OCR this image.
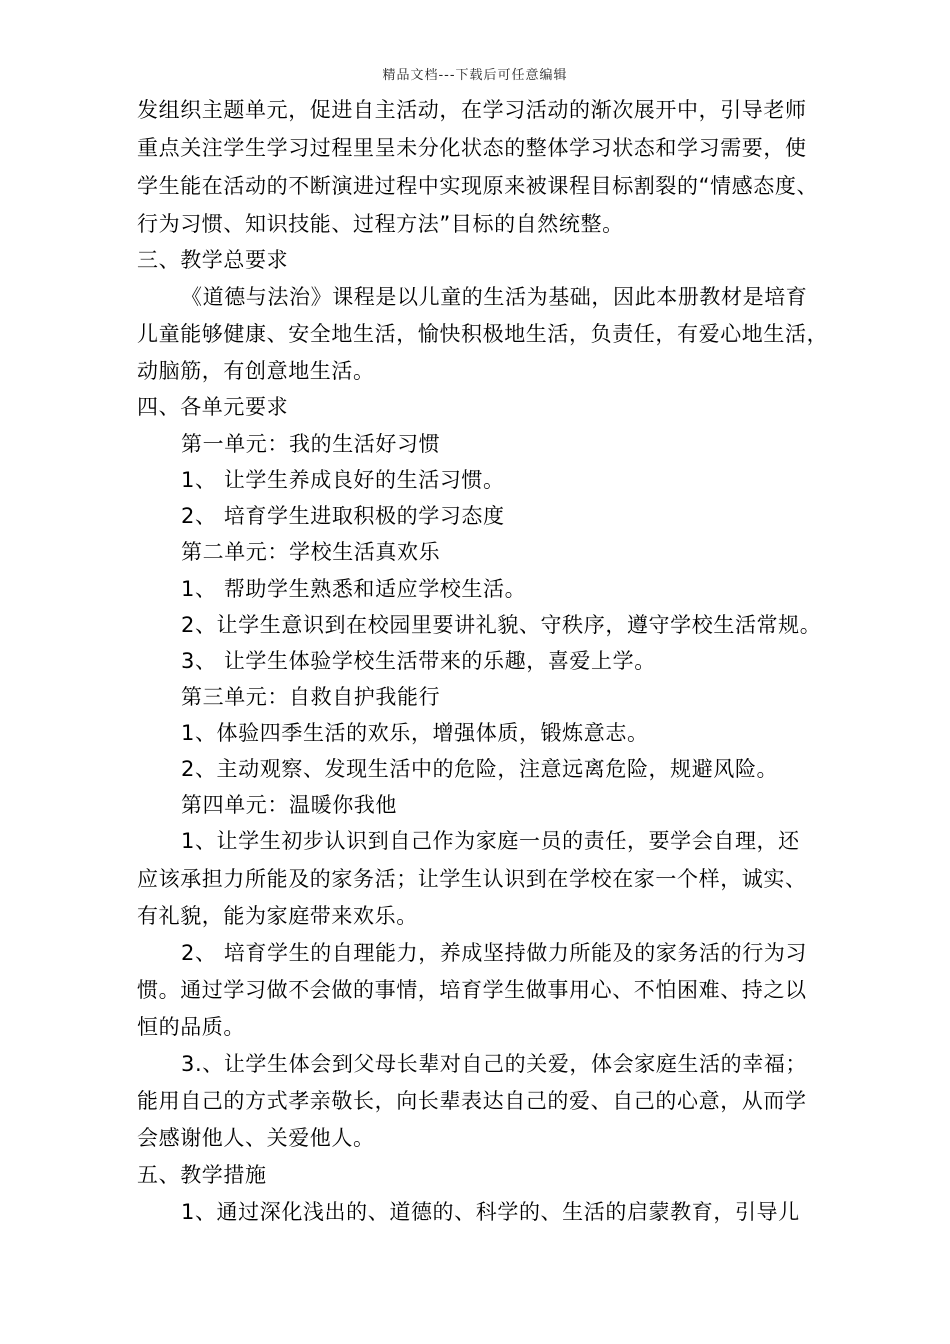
精品文档---下载后可任意编辑
发组织主题单元，促进自主活动，在学习活动的渐次展开中，引导老师
重点关注学生学习过程里呈未分化状态的整体学习状态和学习需要，使
学生能在活动的不断演进过程中实现原来被课程目标割裂的“情感态度、
行为习惯、知识技能、过程方法”目标的自然统整。
三、教学总要求
《道德与法治》课程是以儿童的生活为基础，因此本册教材是培育
儿童能够健康、安全地生活，愉快积极地生活，负责任，有爱心地生活，
动脑筋，有创意地生活。
四、各单元要求
第一单元：我的生活好习惯
1、 让学生养成良好的生活习惯。
2、 培育学生进取积极的学习态度
第二单元：学校生活真欢乐
1、 帮助学生熟悉和适应学校生活。
2、让学生意识到在校园里要讲礼貌、守秩序，遵守学校生活常规。
3、 让学生体验学校生活带来的乐趣，喜爱上学。
第三单元：自救自护我能行
1、体验四季生活的欢乐，增强体质，锻炼意志。
2、主动观察、发现生活中的危险，注意远离危险，规避风险。
第四单元：温暖你我他
1、让学生初步认识到自己作为家庭一员的责任，要学会自理，还
应该承担力所能及的家务活；让学生认识到在学校在家一个样，诚实、
有礼貌，能为家庭带来欢乐。
2、 培育学生的自理能力，养成坚持做力所能及的家务活的行为习
惯。通过学习做不会做的事情，培育学生做事用心、不怕困难、持之以
恒的品质。
3.、让学生体会到父母长辈对自己的关爱，体会家庭生活的幸福；
能用自己的方式孝亲敬长，向长辈表达自己的爱、自己的心意，从而学
会感谢他人、关爱他人。
五、教学措施
1、通过深化浅出的、道德的、科学的、生活的启蒙教育，引导儿
